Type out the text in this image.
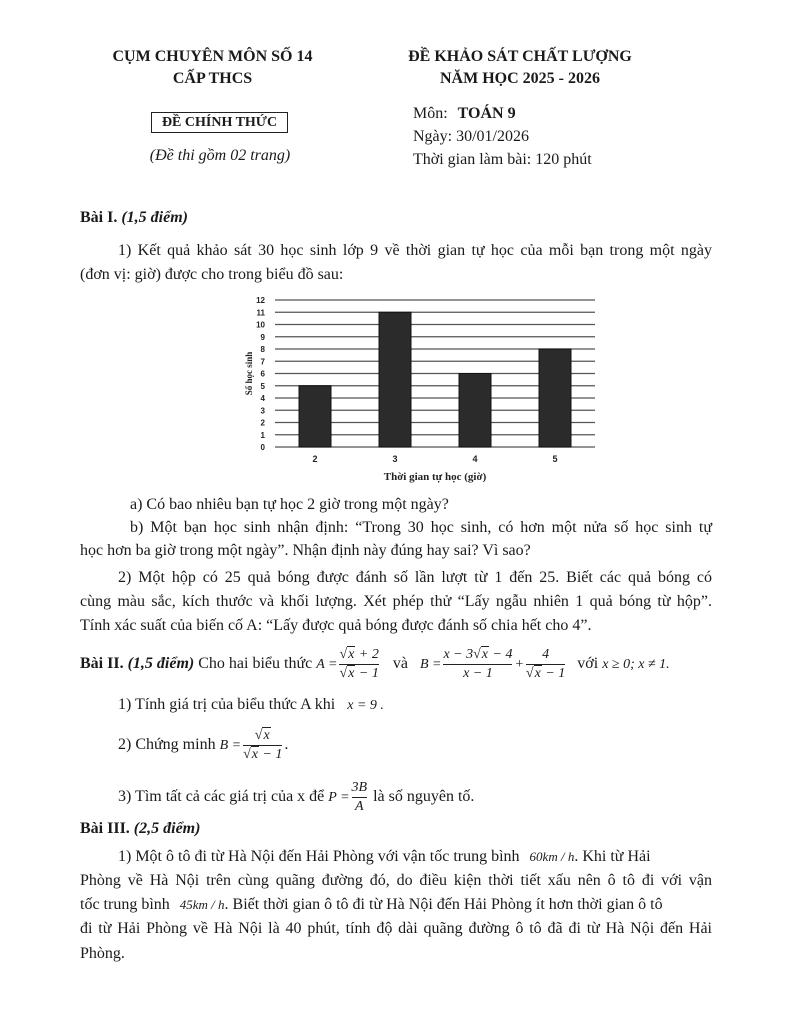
CỤM CHUYÊN MÔN SỐ 14
CẤP THCS
ĐỀ CHÍNH THỨC
(Đề thi gồm 02 trang)
ĐỀ KHẢO SÁT CHẤT LƯỢNG
NĂM HỌC 2025 - 2026
Môn: TOÁN 9
Ngày: 30/01/2026
Thời gian làm bài: 120 phút
Bài I. (1,5 điểm)
1) Kết quả khảo sát 30 học sinh lớp 9 về thời gian tự học của mỗi bạn trong một ngày
(đơn vị: giờ) được cho trong biểu đồ sau:
0
1
2
3
4
5
6
7
8
9
10
11
12
2	3	4	5
Thời gian tự học (giờ)
Số học sinh
a) Có bao nhiêu bạn tự học 2 giờ trong một ngày?
b) Một bạn học sinh nhận định: “Trong 30 học sinh, có hơn một nửa số học sinh tự
học hơn ba giờ trong một ngày”. Nhận định này đúng hay sai? Vì sao?
2) Một hộp có 25 quả bóng được đánh số lần lượt từ 1 đến 25. Biết các quả bóng có
cùng màu sắc, kích thước và khối lượng. Xét phép thử “Lấy ngẫu nhiên 1 quả bóng từ hộp”.
Tính xác suất của biến cố A: “Lấy được quả bóng được đánh số chia hết cho 4”.
Bài II. (1,5 điểm) Cho hai biểu thức $A = \frac{√x + 2}{√x - 1}$ và $B = \frac{x - 3√x - 4}{x - 1} + \frac{4}{√x - 1}$ với x ≥ 0; x ≠ 1.
1) Tính giá trị của biểu thức A khi x = 9 .
2) Chứng minh $B = \frac{√x}{√x - 1}$ .
3) Tìm tất cả các giá trị của x để $P = \frac{3B}{A}$ là số nguyên tố.
Bài III. (2,5 điểm)
1) Một ô tô đi từ Hà Nội đến Hải Phòng với vận tốc trung bình 60km / h. Khi từ Hải
Phòng về Hà Nội trên cùng quãng đường đó, do điều kiện thời tiết xấu nên ô tô đi với vận
tốc trung bình 45km / h. Biết thời gian ô tô đi từ Hà Nội đến Hải Phòng ít hơn thời gian ô tô
đi từ Hải Phòng về Hà Nội là 40 phút, tính độ dài quãng đường ô tô đã đi từ Hà Nội đến Hải
Phòng.
